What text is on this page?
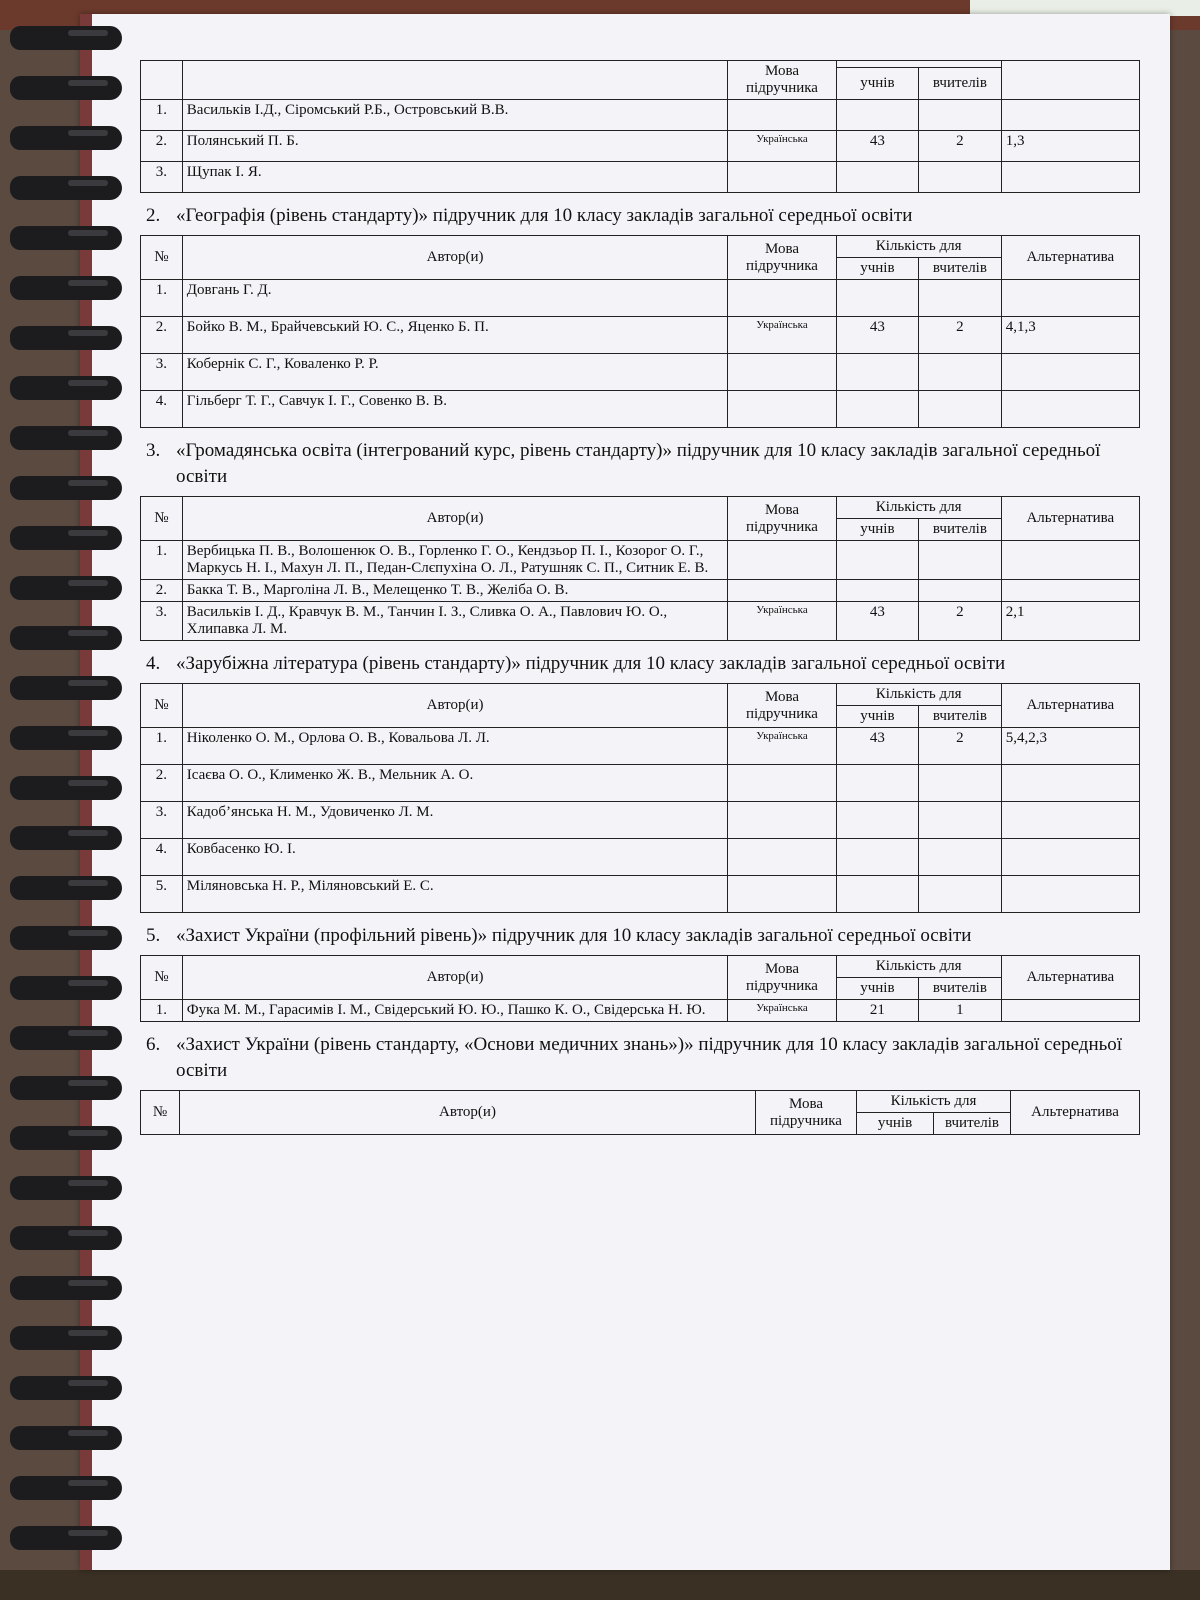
		Мова підручника			
			учнів	вчителів	
1.	Васильків І.Д., Сіромський Р.Б., Островський В.В.				
2.	Полянський П. Б.	Українська	43	2	1,3
3.	Щупак І. Я.				
2. «Географія (рівень стандарту)» підручник для 10 класу закладів загальної середньої освіти
№	Автор(и)	Мова підручника	Кількість для		Альтернатива
			учнів	вчителів	
1.	Довгань Г. Д.				
2.	Бойко В. М., Брайчевський Ю. С., Яценко Б. П.	Українська	43	2	4,1,3
3.	Кобернік С. Г., Коваленко Р. Р.				
4.	Гільберг Т. Г., Савчук І. Г., Совенко В. В.				
3. «Громадянська освіта (інтегрований курс, рівень стандарту)» підручник для 10 класу закладів загальної середньої освіти
№	Автор(и)	Мова підручника	Кількість для		Альтернатива
			учнів	вчителів	
1.	Вербицька П. В., Волошенюк О. В., Горленко Г. О., Кендзьор П. І., Козорог О. Г., Маркусь Н. І., Махун Л. П., Педан-Слєпухіна О. Л., Ратушняк С. П., Ситник Е. В.				
2.	Бакка Т. В., Марголіна Л. В., Мелещенко Т. В., Желіба О. В.				
3.	Васильків І. Д., Кравчук В. М., Танчин І. З., Сливка О. А., Павлович Ю. О., Хлипавка Л. М.	Українська	43	2	2,1
4. «Зарубіжна література (рівень стандарту)» підручник для 10 класу закладів загальної середньої освіти
№	Автор(и)	Мова підручника	Кількість для		Альтернатива
			учнів	вчителів	
1.	Ніколенко О. М., Орлова О. В., Ковальова Л. Л.	Українська	43	2	5,4,2,3
2.	Ісаєва О. О., Клименко Ж. В., Мельник А. О.				
3.	Кадоб’янська Н. М., Удовиченко Л. М.				
4.	Ковбасенко Ю. І.				
5.	Міляновська Н. Р., Міляновський Е. С.				
5. «Захист України (профільний рівень)» підручник для 10 класу закладів загальної середньої освіти
№	Автор(и)	Мова підручника	Кількість для		Альтернатива
			учнів	вчителів	
1.	Фука М. М., Гарасимів І. М., Свідерський Ю. Ю., Пашко К. О., Свідерська Н. Ю.	Українська	21	1	
6. «Захист України (рівень стандарту, «Основи медичних знань»)» підручник для 10 класу закладів загальної середньої освіти
№	Автор(и)	Мова підручника	Кількість для		Альтернатива
			учнів	вчителів	
